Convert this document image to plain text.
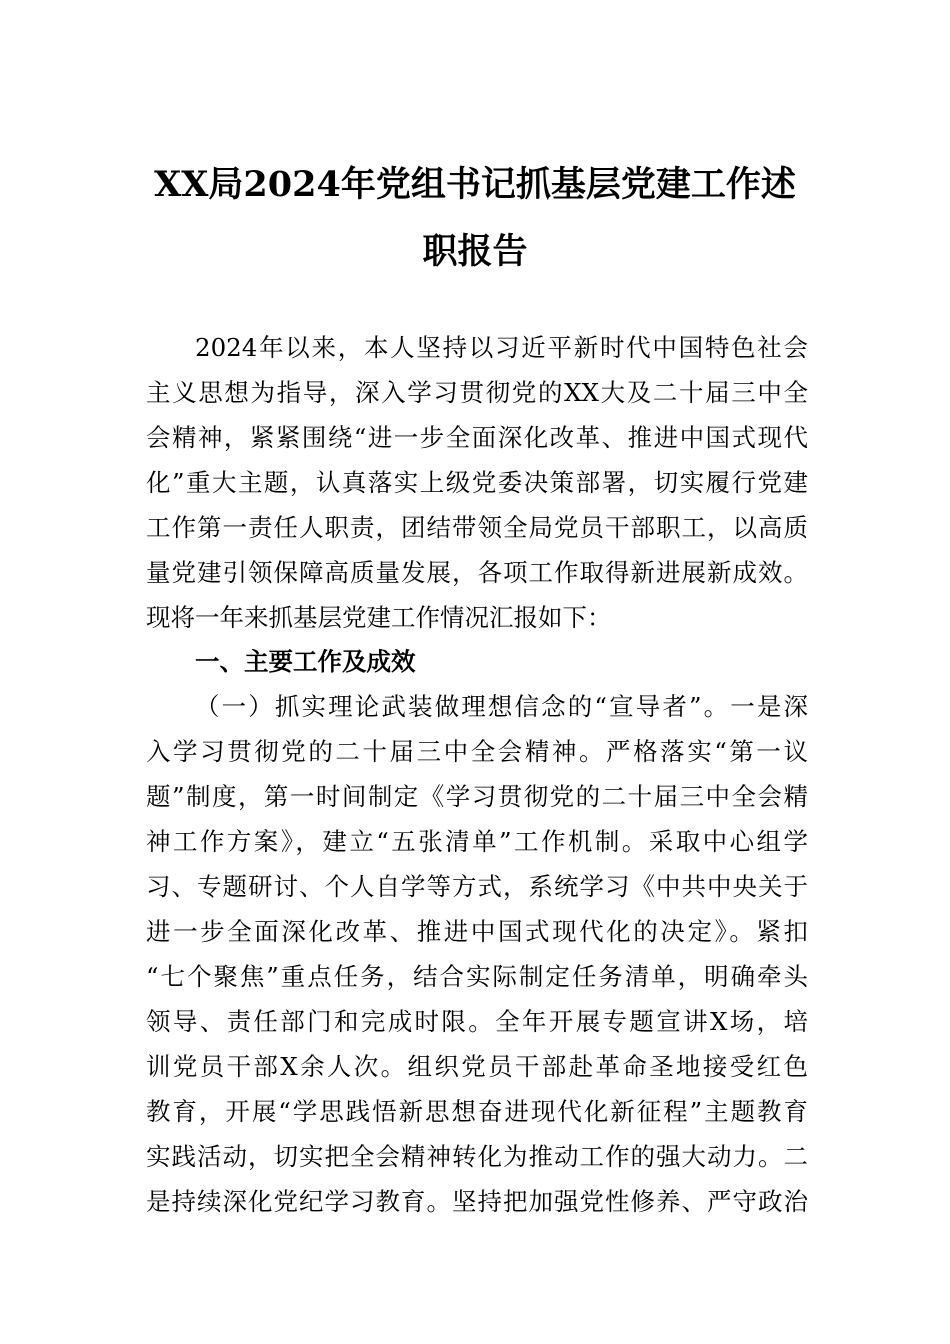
XX局2024年党组书记抓基层党建工作述
职报告
2024年以来，本人坚持以习近平新时代中国特色社会
主义思想为指导，深入学习贯彻党的XX大及二十届三中全
会精神，紧紧围绕“进一步全面深化改革、推进中国式现代
化”重大主题，认真落实上级党委决策部署，切实履行党建
工作第一责任人职责，团结带领全局党员干部职工，以高质
量党建引领保障高质量发展，各项工作取得新进展新成效。
现将一年来抓基层党建工作情况汇报如下：
一、主要工作及成效
（一）抓实理论武装做理想信念的“宣导者”。一是深
入学习贯彻党的二十届三中全会精神。严格落实“第一议
题”制度，第一时间制定《学习贯彻党的二十届三中全会精
神工作方案》，建立“五张清单”工作机制。采取中心组学
习、专题研讨、个人自学等方式，系统学习《中共中央关于
进一步全面深化改革、推进中国式现代化的决定》。紧扣
“七个聚焦”重点任务，结合实际制定任务清单，明确牵头
领导、责任部门和完成时限。全年开展专题宣讲X场，培
训党员干部X余人次。组织党员干部赴革命圣地接受红色
教育，开展“学思践悟新思想奋进现代化新征程”主题教育
实践活动，切实把全会精神转化为推动工作的强大动力。二
是持续深化党纪学习教育。坚持把加强党性修养、严守政治
